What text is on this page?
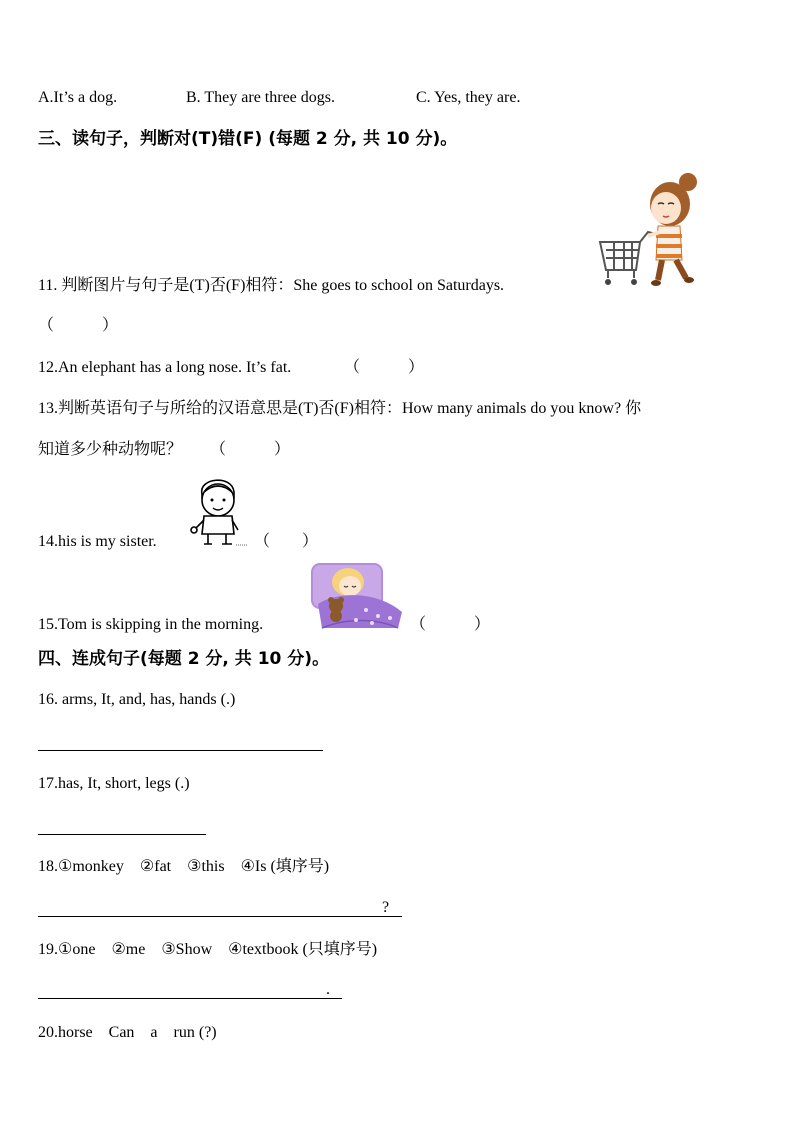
A.It’s a dog.	B. They are three dogs.	C. Yes, they are.
三、读句子，判断对(T)错(F) (每题 2 分, 共 10 分)。
11. 判断图片与句子是(T)否(F)相符：She goes to school on Saturdays.
（　　　）
12.An elephant has a long nose. It’s fat.	（　　　）
13.判断英语句子与所给的汉语意思是(T)否(F)相符：How many animals do you know? 你
知道多少种动物呢？ （　　　）
14.his is my sister.	（　　）
15.Tom is skipping in the morning.	（　　　）
四、连成句子(每题 2 分, 共 10 分)。
16. arms, It, and, has, hands (.)
17.has, It, short, legs (.)
18.①monkey　②fat　③this　④Is (填序号)
?
19.①one　②me　③Show　④textbook (只填序号)
.
20.horse　Can　a　run (?)
